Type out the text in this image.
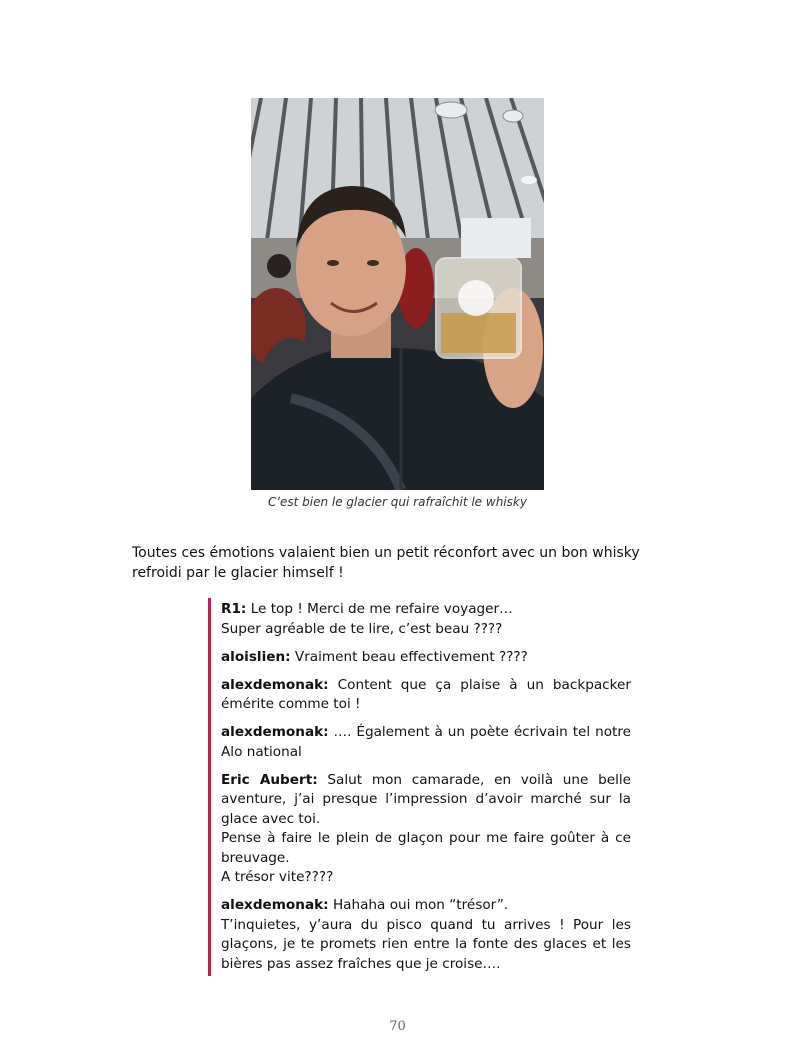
C’est bien le glacier qui rafraîchit le whisky

Toutes ces émotions valaient bien un petit réconfort avec un bon whisky refroidi par le glacier himself !

R1: Le top ! Merci de me refaire voyager…
Super agréable de te lire, c’est beau ????

aloislien: Vraiment beau effectivement ????

alexdemonak: Content que ça plaise à un backpacker émérite comme toi !

alexdemonak: …. Également à un poète écrivain tel notre Alo national

Eric Aubert: Salut mon camarade, en voilà une belle aventure, j’ai presque l’impression d’avoir marché sur la glace avec toi.
Pense à faire le plein de glaçon pour me faire goûter à ce breuvage.
A trésor vite????

alexdemonak: Hahaha oui mon “trésor”.
T’inquietes, y’aura du pisco quand tu arrives ! Pour les glaçons, je te promets rien entre la fonte des glaces et les bières pas assez fraîches que je croise….

70
